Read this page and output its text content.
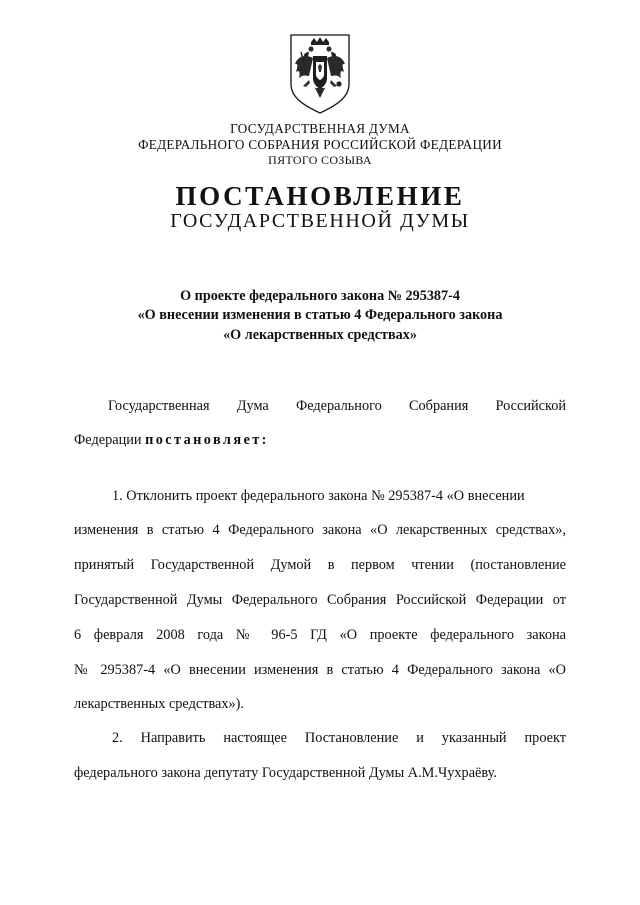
ГОСУДАРСТВЕННАЯ ДУМА
ФЕДЕРАЛЬНОГО СОБРАНИЯ РОССИЙСКОЙ ФЕДЕРАЦИИ
ПЯТОГО СОЗЫВА
ПОСТАНОВЛЕНИЕ
ГОСУДАРСТВЕННОЙ ДУМЫ
О проекте федерального закона № 295387-4
«О внесении изменения в статью 4 Федерального закона
«О лекарственных средствах»
Государственная Дума Федерального Собрания Российской
Федерации постановляет:
1. Отклонить проект федерального закона № 295387-4 «О внесении
изменения в статью 4 Федерального закона «О лекарственных средствах»,
принятый Государственной Думой в первом чтении (постановление
Государственной Думы Федерального Собрания Российской Федерации от
6 февраля 2008 года № 96-5 ГД «О проекте федерального закона
№ 295387-4 «О внесении изменения в статью 4 Федерального закона «О
лекарственных средствах»).
2. Направить настоящее Постановление и указанный проект
федерального закона депутату Государственной Думы А.М.Чухраёву.
